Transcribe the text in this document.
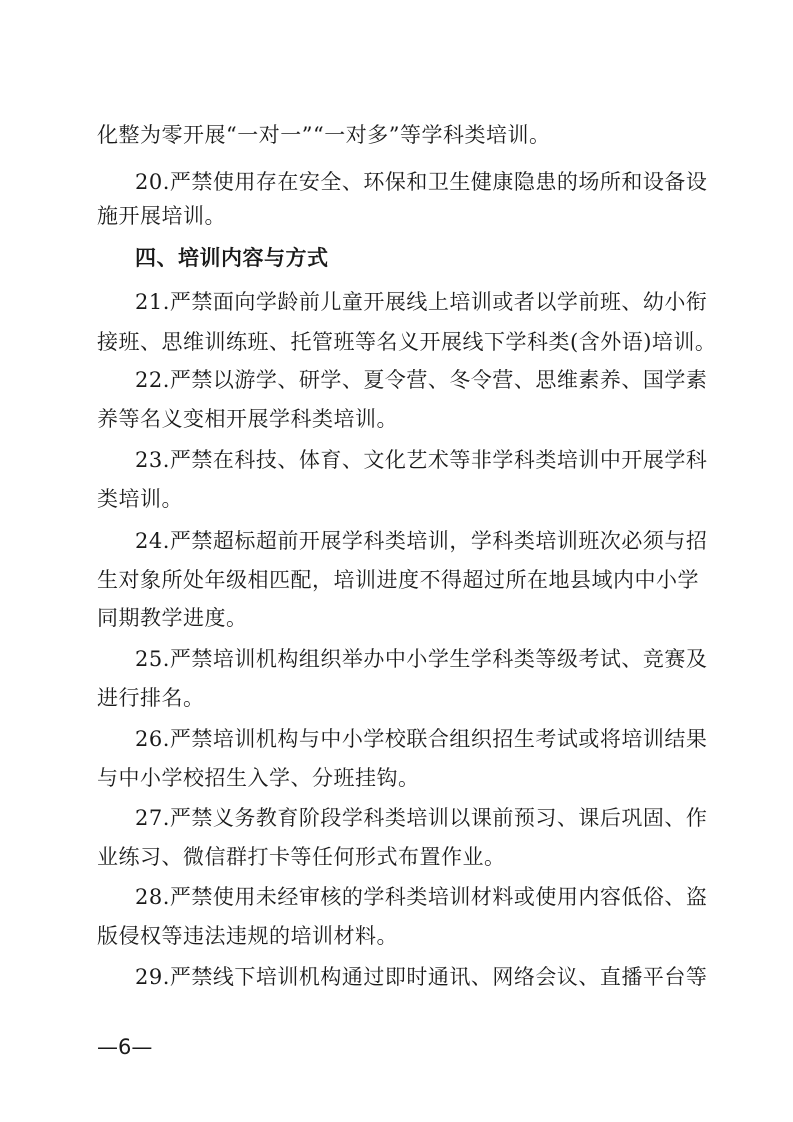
化整为零开展“一对一”“一对多”等学科类培训。
20.严禁使用存在安全、环保和卫生健康隐患的场所和设备设
施开展培训。
四、培训内容与方式
21.严禁面向学龄前儿童开展线上培训或者以学前班、幼小衔
接班、思维训练班、托管班等名义开展线下学科类(含外语)培训。
22.严禁以游学、研学、夏令营、冬令营、思维素养、国学素
养等名义变相开展学科类培训。
23.严禁在科技、体育、文化艺术等非学科类培训中开展学科
类培训。
24.严禁超标超前开展学科类培训，学科类培训班次必须与招
生对象所处年级相匹配，培训进度不得超过所在地县域内中小学
同期教学进度。
25.严禁培训机构组织举办中小学生学科类等级考试、竞赛及
进行排名。
26.严禁培训机构与中小学校联合组织招生考试或将培训结果
与中小学校招生入学、分班挂钩。
27.严禁义务教育阶段学科类培训以课前预习、课后巩固、作
业练习、微信群打卡等任何形式布置作业。
28.严禁使用未经审核的学科类培训材料或使用内容低俗、盗
版侵权等违法违规的培训材料。
29.严禁线下培训机构通过即时通讯、网络会议、直播平台等
—6—
